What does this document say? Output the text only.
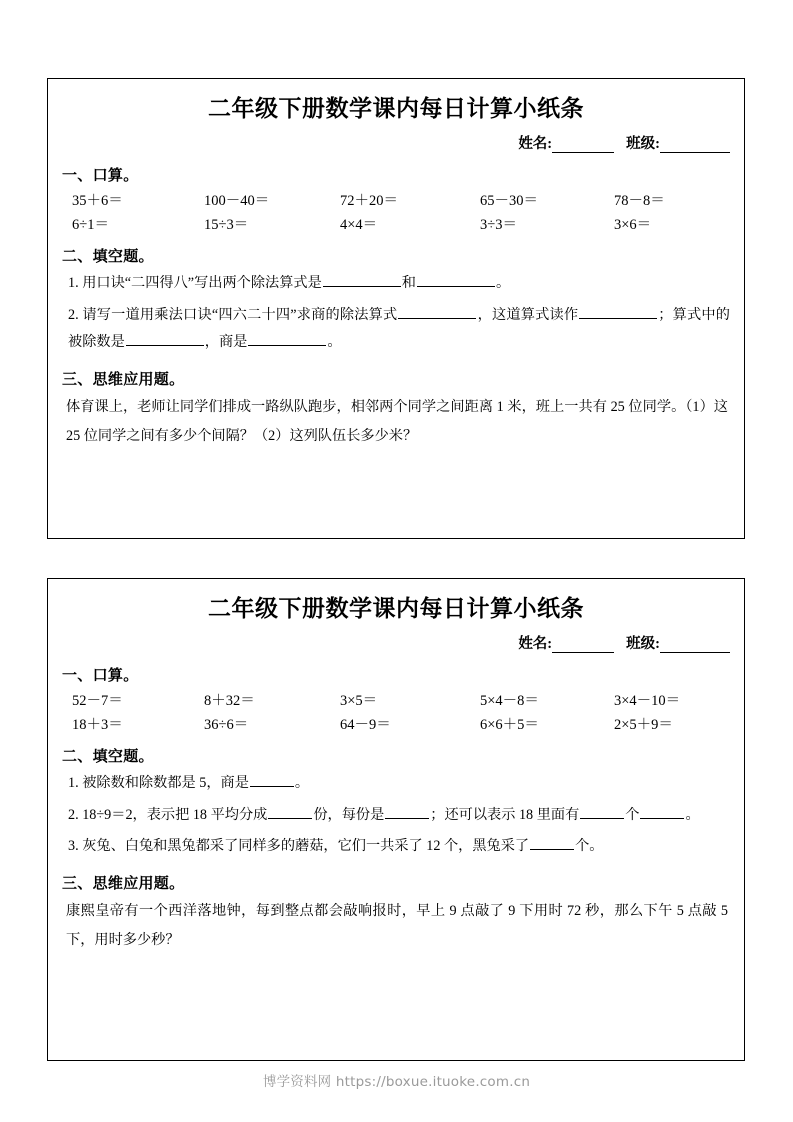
二年级下册数学课内每日计算小纸条
姓名:	班级:
一、口算。
35＋6＝	100－40＝	72＋20＝	65－30＝	78－8＝
6÷1＝	15÷3＝	4×4＝	3÷3＝	3×6＝
二、填空题。
1. 用口诀“二四得八”写出两个除法算式是	和	。
2. 请写一道用乘法口诀“四六二十四”求商的除法算式	，这道算式读作	；算式中的被除数是	，商是	。
三、思维应用题。
体育课上，老师让同学们排成一路纵队跑步，相邻两个同学之间距离 1 米，班上一共有 25 位同学。（1）这 25 位同学之间有多少个间隔？（2）这列队伍长多少米？
二年级下册数学课内每日计算小纸条
姓名:	班级:
一、口算。
52－7＝	8＋32＝	3×5＝	5×4－8＝	3×4－10＝
18＋3＝	36÷6＝	64－9＝	6×6＋5＝	2×5＋9＝
二、填空题。
1. 被除数和除数都是 5，商是	。
2. 18÷9＝2，表示把 18 平均分成	份，每份是	；还可以表示 18 里面有	个	。
3. 灰兔、白兔和黑兔都采了同样多的蘑菇，它们一共采了 12 个，黑兔采了	个。
三、思维应用题。
康熙皇帝有一个西洋落地钟，每到整点都会敲响报时，早上 9 点敲了 9 下用时 72 秒，那么下午 5 点敲 5 下，用时多少秒？
博学资料网 https://boxue.ituoke.com.cn
